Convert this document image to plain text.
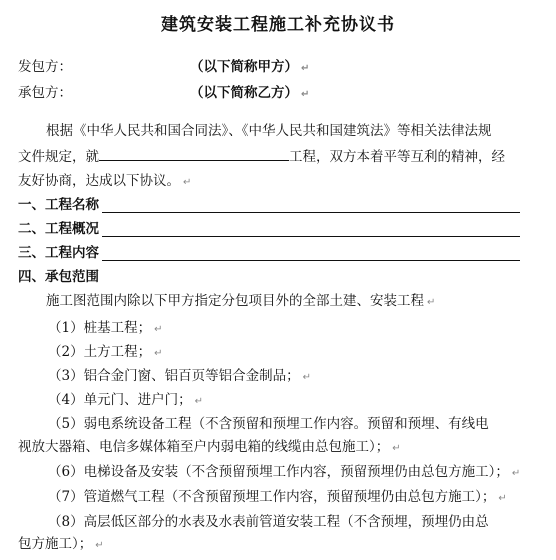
建筑安装工程施工补充协议书
发包方：	（以下简称甲方） ↵
承包方：	（以下简称乙方） ↵
根据《中华人民共和国合同法》、《中华人民共和国建筑法》等相关法律法规
文件规定，就	工程，双方本着平等互利的精神，经
友好协商，达成以下协议。 ↵
一、工程名称
二、工程概况
三、工程内容
四、承包范围
施工图范围内除以下甲方指定分包项目外的全部土建、安装工程 ↵
（1）桩基工程； ↵
（2）土方工程； ↵
（3）铝合金门窗、铝百页等铝合金制品； ↵
（4）单元门、进户门； ↵
（5）弱电系统设备工程（不含预留和预埋工作内容。预留和预埋、有线电
视放大器箱、电信多媒体箱至户内弱电箱的线缆由总包施工）； ↵
（6）电梯设备及安装（不含预留预埋工作内容，预留预埋仍由总包方施工）； ↵
（7）管道燃气工程（不含预留预埋工作内容，预留预埋仍由总包方施工）； ↵
（8）高层低区部分的水表及水表前管道安装工程（不含预埋，预埋仍由总
包方施工）； ↵
